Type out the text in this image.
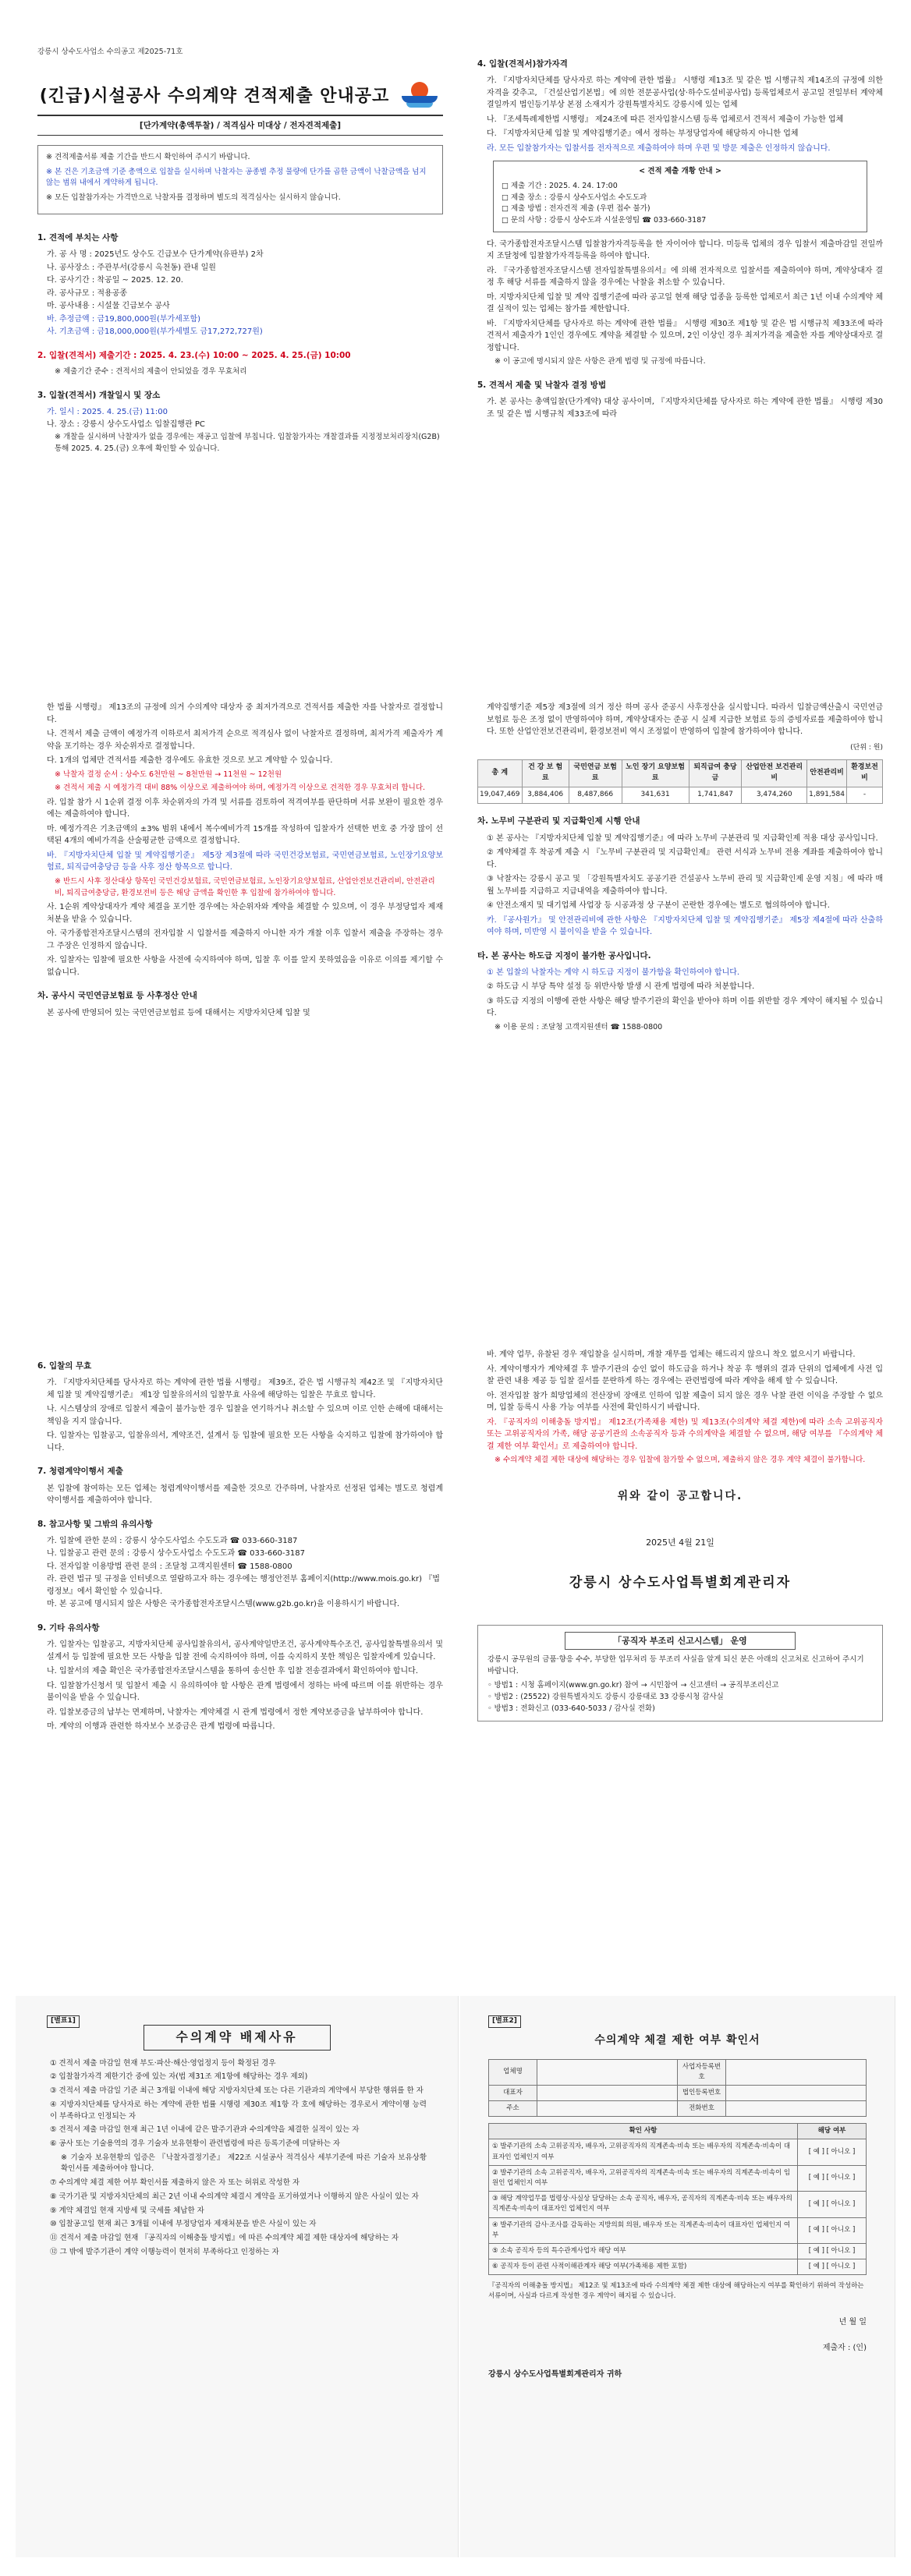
강릉시 상수도사업소 수의공고 제2025-71호
(긴급)시설공사 수의계약 견적제출 안내공고
[단가계약(총액투찰) / 적격심사 미대상 / 전자견적제출]

※ 견적제출서류 제출 기간을 반드시 확인하여 주시기 바랍니다.

※ 본 건은 기초금액 기준 총액으로 입찰을 실시하며 낙찰자는 공종별 추정 물량에 단가를 곱한 금액이 낙찰금액을 넘지 않는 범위 내에서 계약하게 됩니다.

※ 모든 입찰참가자는 가격만으로 낙찰자를 결정하며 별도의 적격심사는 실시하지 않습니다.

1. 견적에 부치는 사항
가. 공 사 명 : 2025년도 상수도 긴급보수 단가계약(유판부) 2차
나. 공사장소 : 주관부서(강릉시 옥천동) 관내 일원
다. 공사기간 : 착공일 ~ 2025. 12. 20.
라. 공사규모 : 적용공종
마. 공사내용 : 시설물 긴급보수 공사
바. 추정금액 : 금19,800,000원(부가세포함)
사. 기초금액 : 금18,000,000원(부가세별도 금17,272,727원)
2. 입찰(견적서) 제출기간 : 2025. 4. 23.(수) 10:00 ~ 2025. 4. 25.(금) 10:00
※ 제출기간 준수 : 견적서의 제출이 안되었을 경우 무효처리
3. 입찰(견적서) 개찰일시 및 장소
가. 일시 : 2025. 4. 25.(금) 11:00
나. 장소 : 강릉시 상수도사업소 입찰집행관 PC
※ 개찰을 실시하며 낙찰자가 없을 경우에는 재공고 입찰에 부칩니다. 입찰참가자는 개찰결과를 지정정보처리장치(G2B) 통해 2025. 4. 25.(금) 오후에 확인할 수 있습니다.
4. 입찰(견적서)참가자격
가. 『지방자치단체를 당사자로 하는 계약에 관한 법률』 시행령 제13조 및 같은 법 시행규칙 제14조의 규정에 의한 자격을 갖추고, 「건설산업기본법」에 의한 전문공사업(상·하수도설비공사업) 등록업체로서 공고일 전일부터 계약체결일까지 법인등기부상 본점 소재지가 강원특별자치도 강릉시에 있는 업체
나. 『조세특례제한법 시행령』 제24조에 따른 전자입찰시스템 등록 업체로서 견적서 제출이 가능한 업체
다. 『지방자치단체 입찰 및 계약집행기준』에서 정하는 부정당업자에 해당하지 아니한 업체
라. 모든 입찰참가자는 입찰서를 전자적으로 제출하여야 하며 우편 및 방문 제출은 인정하지 않습니다.
< 견적 제출 개황 안내 >
□ 제출 기간 : 2025. 4. 24. 17:00
□ 제출 장소 : 강릉시 상수도사업소 수도도과
□ 제출 방법 : 전자견적 제출 (우편 접수 불가)
□ 문의 사항 : 강릉시 상수도과 시설운영팀 ☎ 033-660-3187
다. 국가종합전자조달시스템 입찰참가자격등록을 한 자이어야 합니다. 미등록 업체의 경우 입찰서 제출마감일 전일까지 조달청에 입찰참가자격등록을 하여야 합니다.
라. 『국가종합전자조달시스템 전자입찰특별유의서』에 의해 전자적으로 입찰서를 제출하여야 하며, 계약상대자 결정 후 해당 서류를 제출하지 않을 경우에는 낙찰을 취소할 수 있습니다.
마. 지방자치단체 입찰 및 계약 집행기준에 따라 공고일 현재 해당 업종을 등록한 업체로서 최근 1년 이내 수의계약 체결 실적이 있는 업체는 참가를 제한합니다.
바. 『지방자치단체를 당사자로 하는 계약에 관한 법률』 시행령 제30조 제1항 및 같은 법 시행규칙 제33조에 따라 견적서 제출자가 1인인 경우에도 계약을 체결할 수 있으며, 2인 이상인 경우 최저가격을 제출한 자를 계약상대자로 결정합니다.
※ 이 공고에 명시되지 않은 사항은 관계 법령 및 규정에 따릅니다.
5. 견적서 제출 및 낙찰자 결정 방법
가. 본 공사는 총액입찰(단가계약) 대상 공사이며, 『지방자치단체를 당사자로 하는 계약에 관한 법률』 시행령 제30조 및 같은 법 시행규칙 제33조에 따라
한 법률 시행령』 제13조의 규정에 의거 수의계약 대상자 중 최저가격으로 견적서를 제출한 자를 낙찰자로 결정합니다.
나. 견적서 제출 금액이 예정가격 이하로서 최저가격 순으로 적격심사 없이 낙찰자로 결정하며, 최저가격 제출자가 계약을 포기하는 경우 차순위자로 결정합니다.
다. 1개의 업체만 견적서를 제출한 경우에도 유효한 것으로 보고 계약할 수 있습니다.
※ 낙찰자 결정 순서 : 상수도 6천만원 ~ 8천만원 → 11천원 ~ 12천원
※ 견적서 제출 시 예정가격 대비 88% 이상으로 제출하여야 하며, 예정가격 이상으로 견적한 경우 무효처리 합니다.
라. 입찰 참가 시 1순위 결정 이후 차순위자의 가격 및 서류를 검토하여 적격여부를 판단하며 서류 보완이 필요한 경우에는 제출하여야 합니다.
마. 예정가격은 기초금액의 ±3% 범위 내에서 복수예비가격 15개를 작성하여 입찰자가 선택한 번호 중 가장 많이 선택된 4개의 예비가격을 산술평균한 금액으로 결정합니다.
바. 『지방자치단체 입찰 및 계약집행기준』 제5장 제3절에 따라 국민건강보험료, 국민연금보험료, 노인장기요양보험료, 퇴직급여충당금 등을 사후 정산 항목으로 합니다.
※ 반드시 사후 정산대상 항목인 국민건강보험료, 국민연금보험료, 노인장기요양보험료, 산업안전보건관리비, 안전관리비, 퇴직급여충당금, 환경보전비 등은 해당 금액을 확인한 후 입찰에 참가하여야 합니다.
사. 1순위 계약상대자가 계약 체결을 포기한 경우에는 차순위자와 계약을 체결할 수 있으며, 이 경우 부정당업자 제재 처분을 받을 수 있습니다.
아. 국가종합전자조달시스템의 전자입찰 시 입찰서를 제출하지 아니한 자가 개찰 이후 입찰서 제출을 주장하는 경우 그 주장은 인정하지 않습니다.
자. 입찰자는 입찰에 필요한 사항을 사전에 숙지하여야 하며, 입찰 후 이를 알지 못하였음을 이유로 이의를 제기할 수 없습니다.
차. 공사시 국민연금보험료 등 사후정산 안내
본 공사에 반영되어 있는 국민연금보험료 등에 대해서는 지방자치단체 입찰 및
계약집행기준 제5장 제3절에 의거 정산 하며 공사 준공시 사후정산을 실시합니다. 따라서 입찰금액산출시 국민연금보험료 등은 조정 없이 반영하여야 하며, 계약상대자는 준공 시 실제 지급한 보험료 등의 증빙자료를 제출하여야 합니다. 또한 산업안전보건관리비, 환경보전비 역시 조정없이 반영하여 입찰에 참가하여야 합니다.
(단위 : 원)
총 계	건 강 보 험 료	국민연금 보험료	노인 장기 요양보험료	퇴직급여 충당금	산업안전 보건관리비	안전관리비	환경보전비
19,047,469	3,884,406	8,487,866	341,631	1,741,847	3,474,260	1,891,584	-
차. 노무비 구분관리 및 지급확인제 시행 안내
① 본 공사는 『지방자치단체 입찰 및 계약집행기준』에 따라 노무비 구분관리 및 지급확인제 적용 대상 공사입니다.
② 계약체결 후 착공계 제출 시 『노무비 구분관리 및 지급확인제』 관련 서식과 노무비 전용 계좌를 제출하여야 합니다.
③ 낙찰자는 강릉시 공고 및 「강원특별자치도 공공기관 건설공사 노무비 관리 및 지급확인제 운영 지침」에 따라 매월 노무비를 지급하고 지급내역을 제출하여야 합니다.
④ 안전소재지 및 대기업체 사업장 등 시공과정 상 구분이 곤란한 경우에는 별도로 협의하여야 합니다.
카. 『공사원가』 및 안전관리비에 관한 사항은 『지방자치단체 입찰 및 계약집행기준』 제5장 제4절에 따라 산출하여야 하며, 미반영 시 불이익을 받을 수 있습니다.
타. 본 공사는 하도급 지정이 불가한 공사입니다.
① 본 입찰의 낙찰자는 계약 시 하도급 지정이 불가함을 확인하여야 합니다.
② 하도급 시 부당 특약 설정 등 위반사항 발생 시 관계 법령에 따라 처분합니다.
③ 하도급 지정의 이행에 관한 사항은 해당 발주기관의 확인을 받아야 하며 이를 위반할 경우 계약이 해지될 수 있습니다.
※ 이용 문의 : 조달청 고객지원센터 ☎ 1588-0800
6. 입찰의 무효
가. 『지방자치단체를 당사자로 하는 계약에 관한 법률 시행령』 제39조, 같은 법 시행규칙 제42조 및 『지방자치단체 입찰 및 계약집행기준』 제1장 입찰유의서의 입찰무효 사유에 해당하는 입찰은 무효로 합니다.
나. 시스템상의 장애로 입찰서 제출이 불가능한 경우 입찰을 연기하거나 취소할 수 있으며 이로 인한 손해에 대해서는 책임을 지지 않습니다.
다. 입찰자는 입찰공고, 입찰유의서, 계약조건, 설계서 등 입찰에 필요한 모든 사항을 숙지하고 입찰에 참가하여야 합니다.
7. 청렴계약이행서 제출
본 입찰에 참여하는 모든 업체는 청렴계약이행서를 제출한 것으로 간주하며, 낙찰자로 선정된 업체는 별도로 청렴계약이행서를 제출하여야 합니다.
8. 참고사항 및 그밖의 유의사항
가. 입찰에 관한 문의 : 강릉시 상수도사업소 수도도과 ☎ 033-660-3187
나. 입찰공고 관련 문의 : 강릉시 상수도사업소 수도도과 ☎ 033-660-3187
다. 전자입찰 이용방법 관련 문의 : 조달청 고객지원센터 ☎ 1588-0800
라. 관련 법규 및 규정을 인터넷으로 열람하고자 하는 경우에는 행정안전부 홈페이지(http://www.mois.go.kr) 『법령정보』에서 확인할 수 있습니다.
마. 본 공고에 명시되지 않은 사항은 국가종합전자조달시스템(www.g2b.go.kr)을 이용하시기 바랍니다.
9. 기타 유의사항
가. 입찰자는 입찰공고, 지방자치단체 공사입찰유의서, 공사계약일반조건, 공사계약특수조건, 공사입찰특별유의서 및 설계서 등 입찰에 필요한 모든 사항을 입찰 전에 숙지하여야 하며, 이를 숙지하지 못한 책임은 입찰자에게 있습니다.
나. 입찰서의 제출 확인은 국가종합전자조달시스템을 통하여 송신한 후 입찰 전송결과에서 확인하여야 합니다.
다. 입찰참가신청서 및 입찰서 제출 시 유의하여야 할 사항은 관계 법령에서 정하는 바에 따르며 이를 위반하는 경우 불이익을 받을 수 있습니다.
라. 입찰보증금의 납부는 면제하며, 낙찰자는 계약체결 시 관계 법령에서 정한 계약보증금을 납부하여야 합니다.
마. 계약의 이행과 관련한 하자보수 보증금은 관계 법령에 따릅니다.
바. 계약 업무, 유찰된 경우 재입찰을 실시하며, 개찰 재무를 업체는 해드리지 않으니 착오 없으시기 바랍니다.
사. 계약이행자가 계약체결 후 발주기관의 승인 없이 하도급을 하거나 착공 후 행위의 결과 단위의 업체에게 사전 입찰 관련 내용 제공 등 입찰 질서를 문란하게 하는 경우에는 관련법령에 따라 계약을 해제 할 수 있습니다.
아. 전자입찰 참가 희망업체의 전산장비 장애로 인하여 입찰 제출이 되지 않은 경우 낙찰 관련 이익을 주장할 수 없으며, 입찰 등록시 사용 가능 여부를 사전에 확인하시기 바랍니다.
자. 『공직자의 이해충돌 방지법』 제12조(가족채용 제한) 및 제13조(수의계약 체결 제한)에 따라 소속 고위공직자 또는 고위공직자의 가족, 해당 공공기관의 소속공직자 등과 수의계약을 체결할 수 없으며, 해당 여부를 『수의계약 체결 제한 여부 확인서』로 제출하여야 합니다.
※ 수의계약 체결 제한 대상에 해당하는 경우 입찰에 참가할 수 없으며, 제출하지 않은 경우 계약 체결이 불가합니다.
위와 같이 공고합니다.
2025년 4월 21일
강릉시 상수도사업특별회계관리자
「공직자 부조리 신고시스템」 운영
강릉시 공무원의 금품·향응 수수, 부당한 업무처리 등 부조리 사실을 알게 되신 분은 아래의 신고처로 신고하여 주시기 바랍니다.
◦ 방법1 : 시청 홈페이지(www.gn.go.kr) 참여 → 시민참여 → 신고센터 → 공직부조리신고
◦ 방법2 : (25522) 강원특별자치도 강릉시 강릉대로 33 강릉시청 감사실
◦ 방법3 : 전화신고 (033-640-5033 / 감사실 전화)
[별표1]
수의계약 배제사유
① 견적서 제출 마감일 현재 부도·파산·해산·영업정지 등이 확정된 경우
② 입찰참가자격 제한기간 중에 있는 자(법 제31조 제1항에 해당하는 경우 제외)
③ 견적서 제출 마감일 기준 최근 3개월 이내에 해당 지방자치단체 또는 다른 기관과의 계약에서 부당한 행위를 한 자
④ 지방자치단체를 당사자로 하는 계약에 관한 법률 시행령 제30조 제1항 각 호에 해당하는 경우로서 계약이행 능력이 부족하다고 인정되는 자
⑤ 견적서 제출 마감일 현재 최근 1년 이내에 같은 발주기관과 수의계약을 체결한 실적이 있는 자
⑥ 공사 또는 기술용역의 경우 기술자 보유현황이 관련법령에 따른 등록기준에 미달하는 자
※ 기술자 보유현황의 입증은 『낙찰자결정기준』 제22조 시설공사 적격심사 세부기준에 따른 기술자 보유상황 확인서를 제출하여야 합니다.
⑦ 수의계약 체결 제한 여부 확인서를 제출하지 않은 자 또는 허위로 작성한 자
⑧ 국가기관 및 지방자치단체의 최근 2년 이내 수의계약 체결시 계약을 포기하였거나 이행하지 않은 사실이 있는 자
⑨ 계약 체결일 현재 지방세 및 국세를 체납한 자
⑩ 입찰공고일 현재 최근 3개월 이내에 부정당업자 제재처분을 받은 사실이 있는 자
⑪ 견적서 제출 마감일 현재 『공직자의 이해충돌 방지법』에 따른 수의계약 체결 제한 대상자에 해당하는 자
⑫ 그 밖에 발주기관이 계약 이행능력이 현저히 부족하다고 인정하는 자
[별표2]
수의계약 체결 제한 여부 확인서
업체명		사업자등록번호	
대표자		법인등록번호	
주소		전화번호	
확인 사항	해당 여부
① 발주기관의 소속 고위공직자, 배우자, 고위공직자의 직계존속·비속 또는 배우자의 직계존속·비속이 대표자인 업체인지 여부	[ 예 ] [ 아니오 ]
② 발주기관의 소속 고위공직자, 배우자, 고위공직자의 직계존속·비속 또는 배우자의 직계존속·비속이 임원인 업체인지 여부	[ 예 ] [ 아니오 ]
③ 해당 계약업무를 법령상·사실상 담당하는 소속 공직자, 배우자, 공직자의 직계존속·비속 또는 배우자의 직계존속·비속이 대표자인 업체인지 여부	[ 예 ] [ 아니오 ]
④ 발주기관의 감사·조사를 감독하는 지방의회 의원, 배우자 또는 직계존속·비속이 대표자인 업체인지 여부	[ 예 ] [ 아니오 ]
⑤ 소속 공직자 등의 특수관계사업자 해당 여부	[ 예 ] [ 아니오 ]
⑥ 공직자 등이 관련 사적이해관계자 해당 여부(가족채용 제한 포함)	[ 예 ] [ 아니오 ]
『공직자의 이해충돌 방지법』 제12조 및 제13조에 따라 수의계약 체결 제한 대상에 해당하는지 여부를 확인하기 위하여 작성하는 서류이며, 사실과 다르게 작성한 경우 계약이 해지될 수 있습니다.
년 월 일
제출자 : (인)
강릉시 상수도사업특별회계관리자 귀하
